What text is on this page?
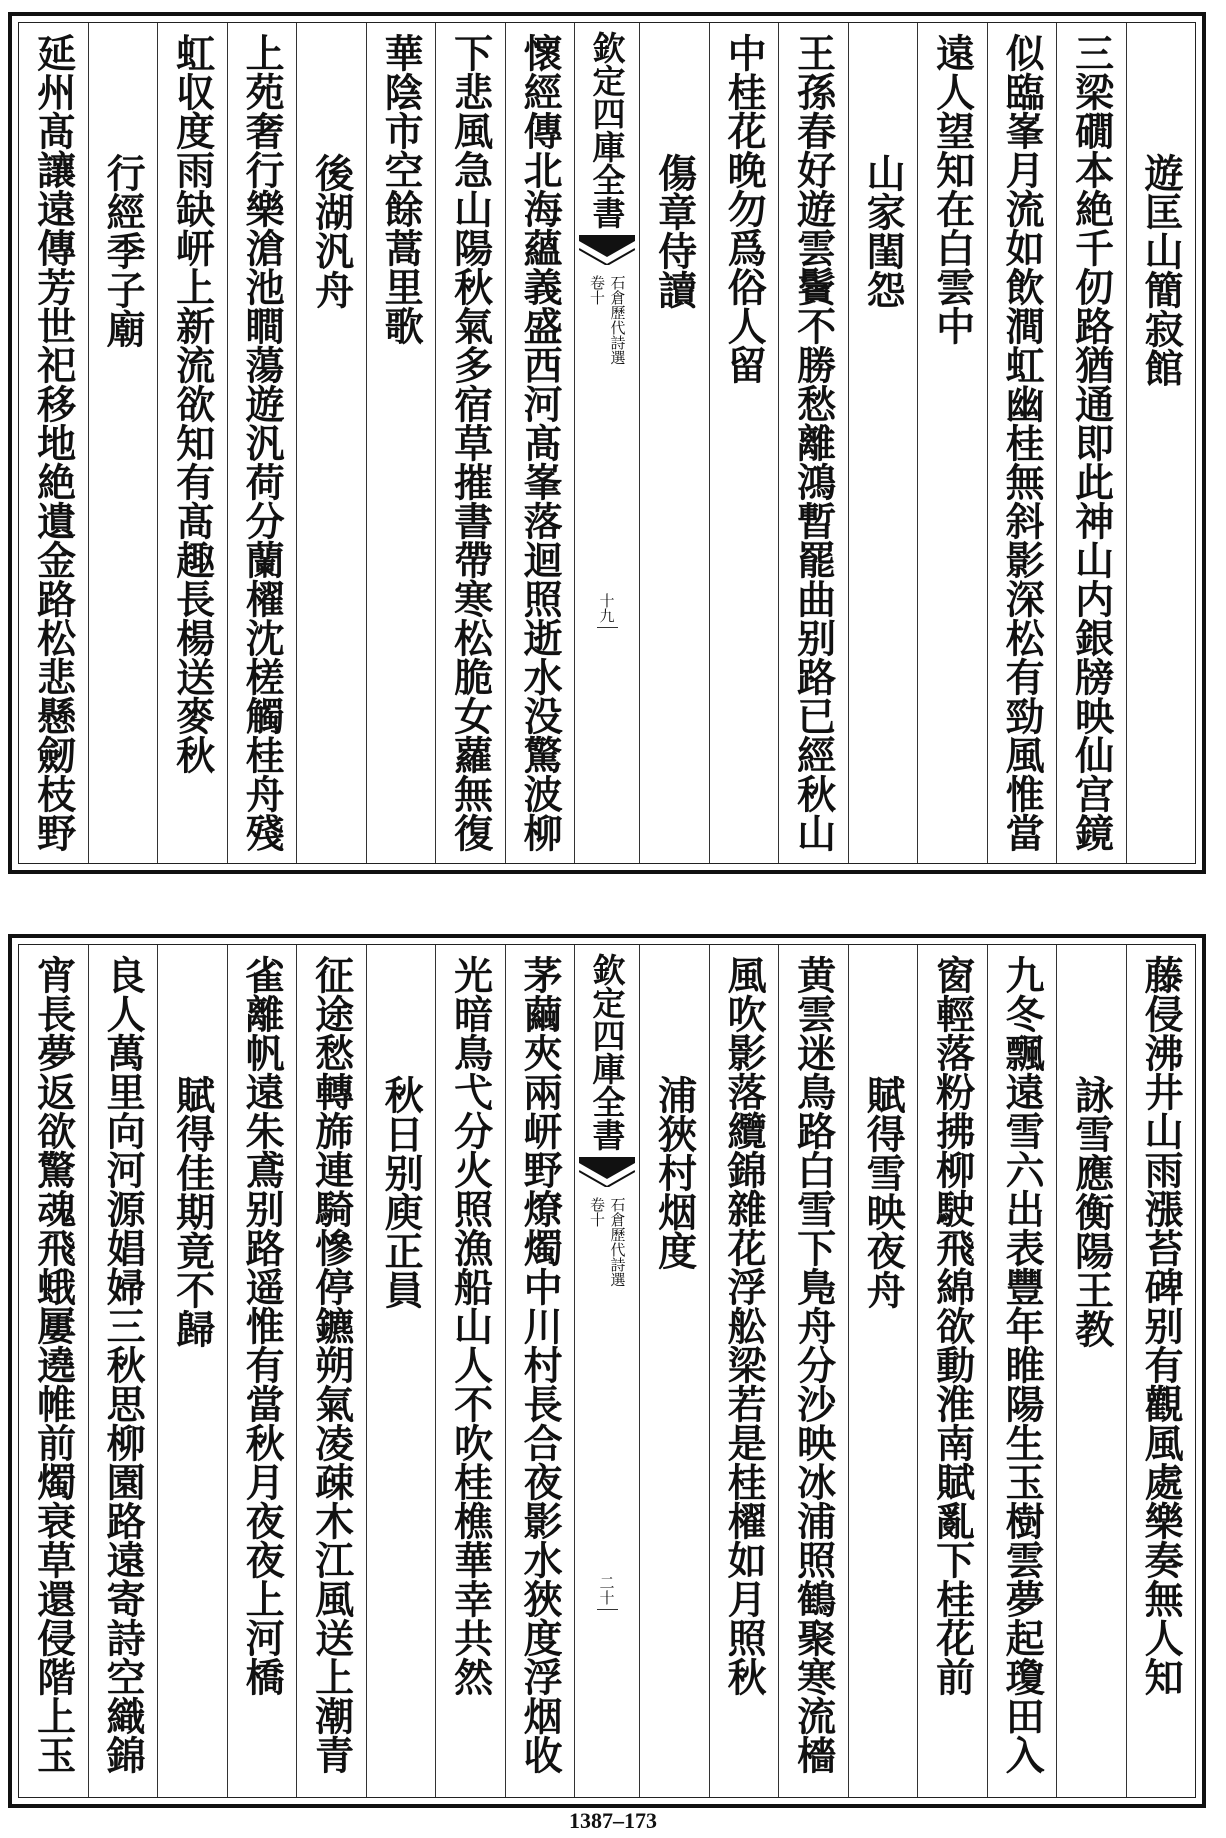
遊匡山簡寂館
三梁礀本絶千仞路猶通即此神山内銀牓映仙宫鏡
似臨峯月流如飲澗虹幽桂無斜影深松有勁風惟當
遠人望知在白雲中
山家閨怨
王孫春好遊雲鬢不勝愁離鴻暫罷曲别路已經秋山
中桂花晚勿爲俗人留
傷章侍讀
欽定四庫全書
石倉歷代詩選
卷十
十九
懷經傳北海蘊義盛西河髙峯落迴照逝水没驚波柳
下悲風急山陽秋氣多宿草摧書帶寒松脆女蘿無復
華陰市空餘蒿里歌
後湖汎舟
上苑奢行樂滄池瞷蕩遊汎荷分蘭櫂沈槎觸桂舟殘
虹収度雨缺岍上新流欲知有髙趣長楊送麥秋
行經季子廟
延州髙讓遠傳芳世祀移地絶遺金路松悲懸劒枝野
藤侵沸井山雨漲苔碑别有觀風處樂奏無人知
詠雪應衡陽王教
九冬飄遠雪六出表豐年睢陽生玉樹雲夢起瓊田入
窗輕落粉拂柳駛飛綿欲動淮南賦亂下桂花前
賦得雪映夜舟
黄雲迷鳥路白雪下鳬舟分沙映冰浦照鶴聚寒流檣
風吹影落纜錦雜花浮舩梁若是桂櫂如月照秋
浦狹村烟度
欽定四庫全書
石倉歷代詩選
卷十
二十
茅繭夾兩岍野燎燭中川村長合夜影水狹度浮烟收
光暗鳥弋分火照漁船山人不吹桂樵華幸共然
秋日别庾正員
征途愁轉旆連騎慘停鑣朔氣凌疎木江風送上潮青
雀離帆遠朱鳶别路遥惟有當秋月夜夜上河橋
賦得佳期竟不歸
良人萬里向河源娼婦三秋思柳園路遠寄詩空織錦
宵長夢返欲驚魂飛蛾屢遶帷前燭衰草還侵階上玉
1387–173
